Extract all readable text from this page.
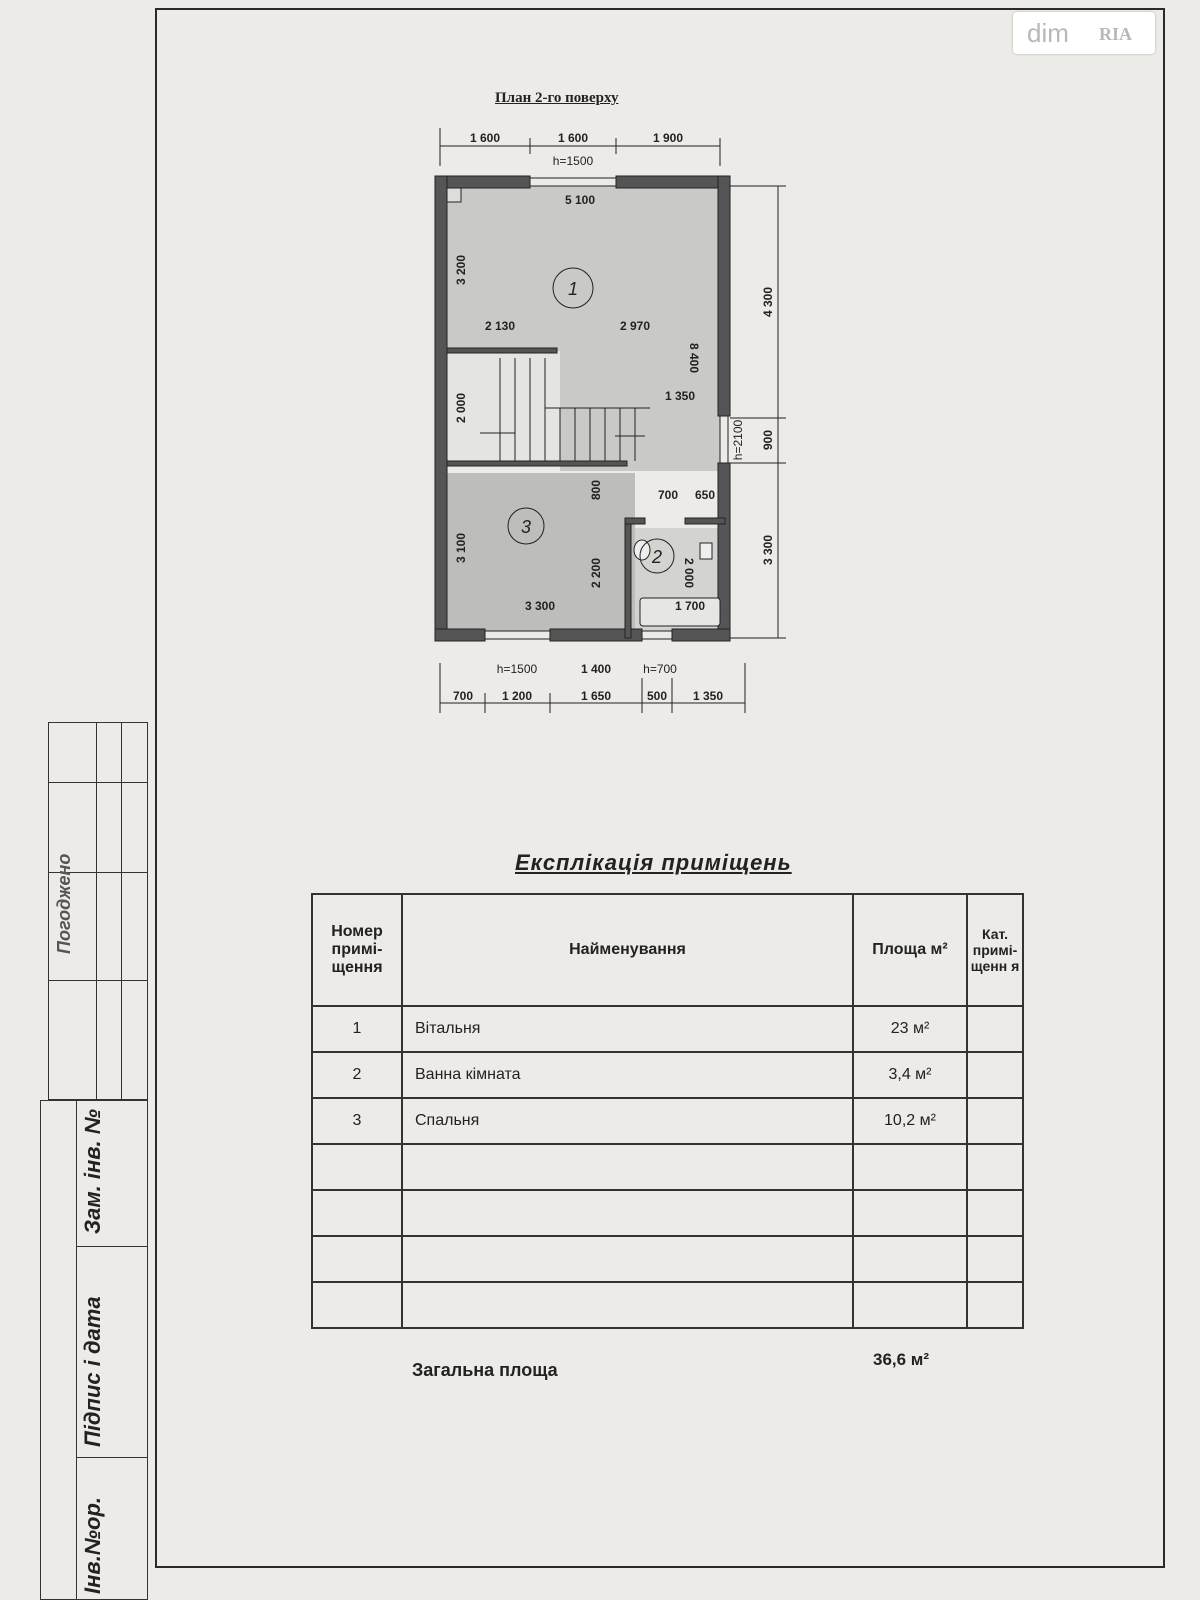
dim RIA
Погоджено
Зам. інв. №
Підпис і дата
Інв.№ор.
План 2-го поверху
1
2
3
1 600	1 600	1 900
h=1500
5 100
2 130	2 970
1 350
700 650
3 300	1 700
3 200
8 400
2 000
800
3 100
2 200	2 000
4 300
900
3 300
h=2100
h=1500	1 400	h=700
700 1 200	1 650	500 1 350
Експлікація приміщень
Номер примі- щення	Найменування	Площа м²	Кат. примі- щенн я
1	Вітальня	23 м²	
2	Ванна кімната	3,4 м²	
3	Спальня	10,2 м²	

Загальна площа
36,6 м²
